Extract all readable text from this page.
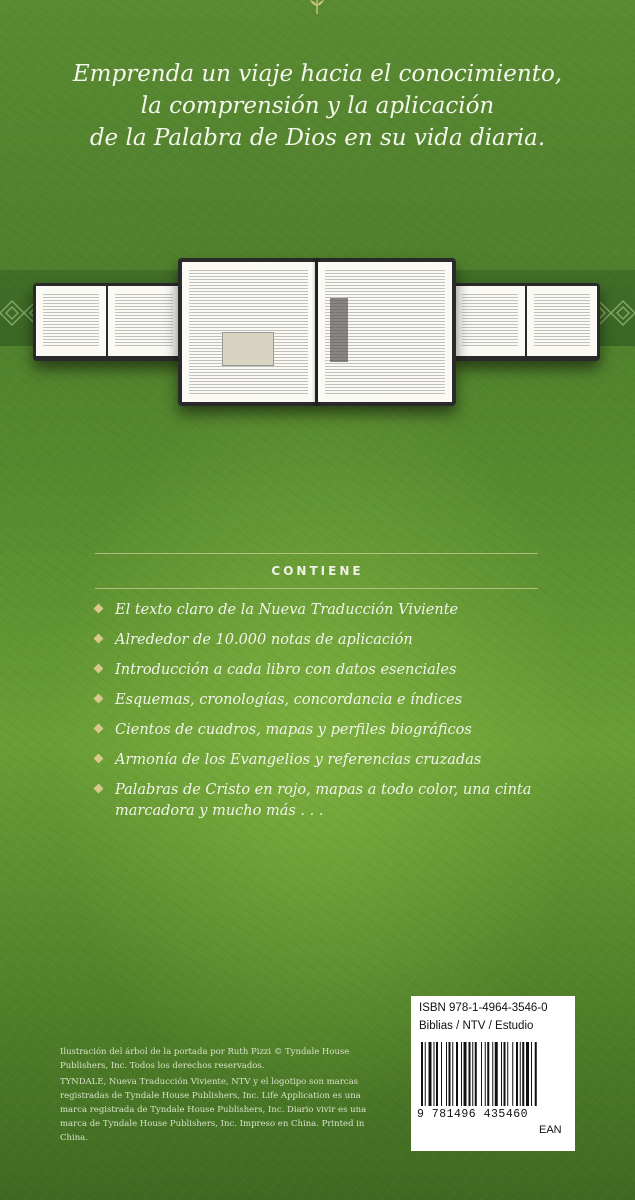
Emprenda un viaje hacia el conocimiento,
la comprensión y la aplicación
de la Palabra de Dios en su vida diaria.
CONTIENE
El texto claro de la Nueva Traducción Viviente
Alrededor de 10.000 notas de aplicación
Introducción a cada libro con datos esenciales
Esquemas, cronologías, concordancia e índices
Cientos de cuadros, mapas y perfiles biográficos
Armonía de los Evangelios y referencias cruzadas
Palabras de Cristo en rojo, mapas a todo color, una cinta marcadora y mucho más . . .

Ilustración del árbol de la portada por Ruth Pizzi © Tyndale House Publishers, Inc. Todos los derechos reservados.

TYNDALE, Nueva Traducción Viviente, NTV y el logotipo son marcas registradas de Tyndale House Publishers, Inc. Life Application es una marca registrada de Tyndale House Publishers, Inc. Diario vivir es una marca de Tyndale House Publishers, Inc. Impreso en China. Printed in China.

ISBN 978-1-4964-3546-0
Biblias / NTV / Estudio
9 781496 435460
EAN
